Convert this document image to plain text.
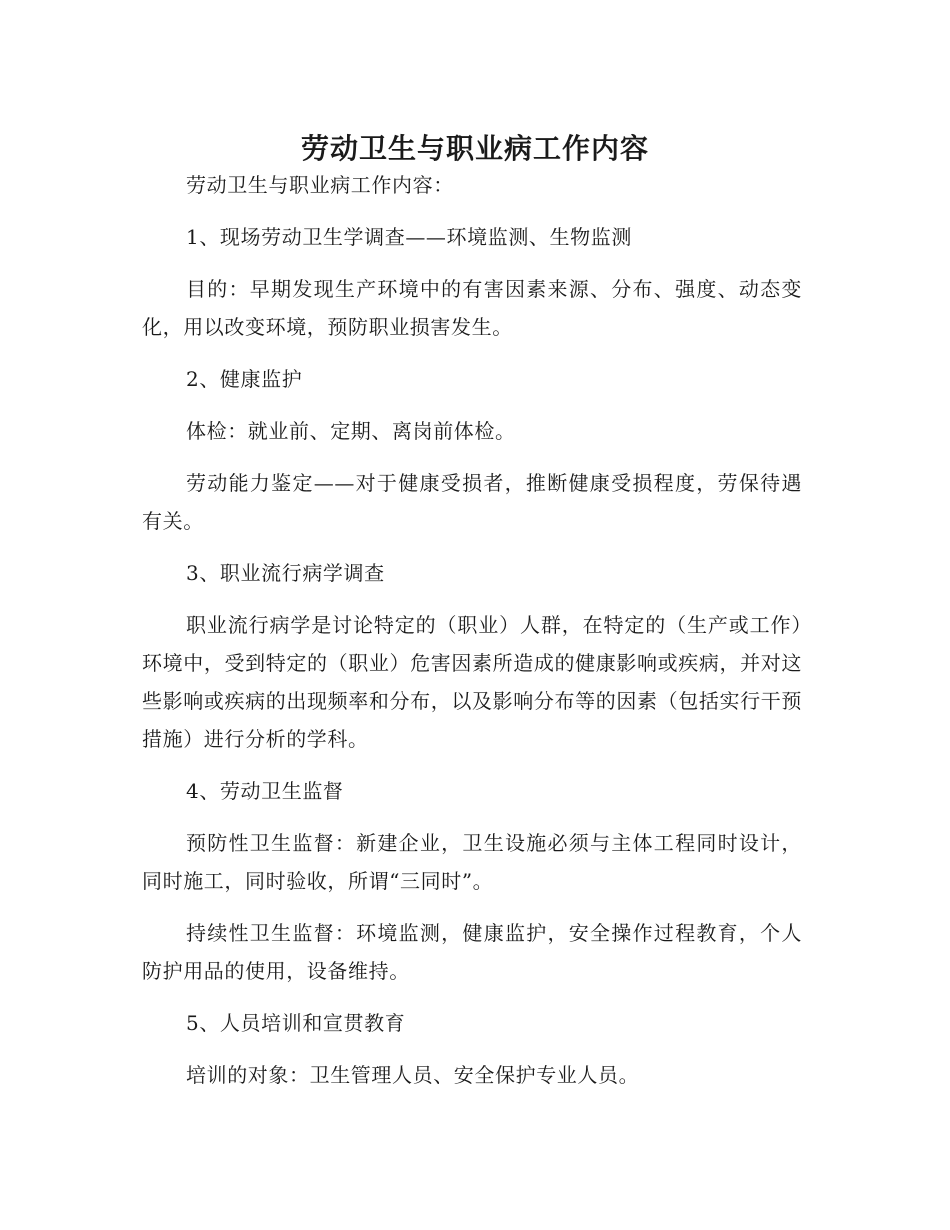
劳动卫生与职业病工作内容

劳动卫生与职业病工作内容：

1、现场劳动卫生学调查——环境监测、生物监测

目的：早期发现生产环境中的有害因素来源、分布、强度、动态变化，用以改变环境，预防职业损害发生。

2、健康监护

体检：就业前、定期、离岗前体检。

劳动能力鉴定——对于健康受损者，推断健康受损程度，劳保待遇有关。

3、职业流行病学调查

职业流行病学是讨论特定的（职业）人群，在特定的（生产或工作）环境中，受到特定的（职业）危害因素所造成的健康影响或疾病，并对这些影响或疾病的出现频率和分布，以及影响分布等的因素（包括实行干预措施）进行分析的学科。

4、劳动卫生监督

预防性卫生监督：新建企业，卫生设施必须与主体工程同时设计，同时施工，同时验收，所谓“三同时”。

持续性卫生监督：环境监测，健康监护，安全操作过程教育，个人防护用品的使用，设备维持。

5、人员培训和宣贯教育

培训的对象：卫生管理人员、安全保护专业人员。
